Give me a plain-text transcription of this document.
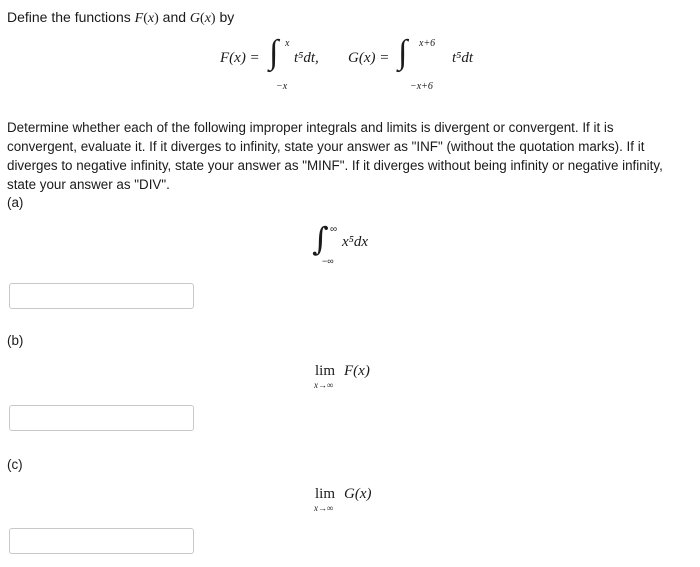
Define the functions F(x) and G(x) by
F(x) = ∫ x
−x
t⁵dt, G(x) = ∫ x+6
−x+6
t⁵dt
Determine whether each of the following improper integrals and limits is divergent or convergent. If it is convergent, evaluate it. If it diverges to infinity, state your answer as "INF" (without the quotation marks). If it diverges to negative infinity, state your answer as "MINF". If it diverges without being infinity or negative infinity, state your answer as "DIV".
(a)
∫ ∞
−∞
x⁵dx
(b)
lim F(x)
x→∞
(c)
lim G(x)
x→∞
